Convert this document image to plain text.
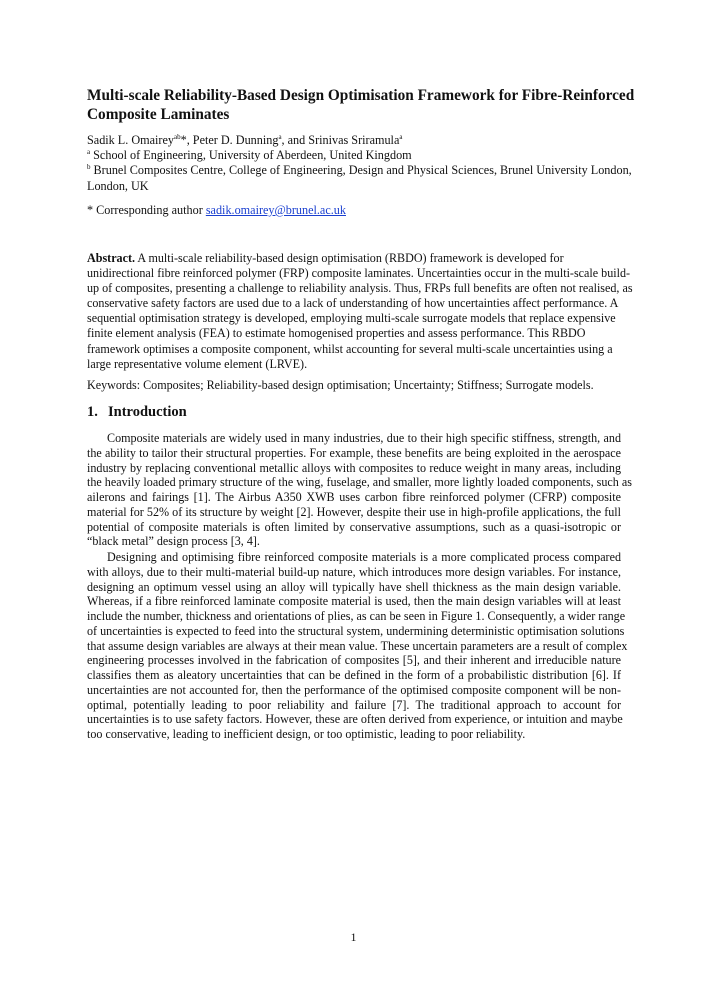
Multi-scale Reliability-Based Design Optimisation Framework for Fibre-Reinforced
Composite Laminates
Sadik L. Omairey$^{ab}$*, Peter D. Dunning$^a$, and Srinivas Sriramula$^a$
$^a$ School of Engineering, University of Aberdeen, United Kingdom
$^b$ Brunel Composites Centre, College of Engineering, Design and Physical Sciences, Brunel University London,
London, UK
* Corresponding author sadik.omairey@brunel.ac.uk
Abstract. A multi-scale reliability-based design optimisation (RBDO) framework is developed for
unidirectional fibre reinforced polymer (FRP) composite laminates. Uncertainties occur in the multi-scale build-
up of composites, presenting a challenge to reliability analysis. Thus, FRPs full benefits are often not realised, as
conservative safety factors are used due to a lack of understanding of how uncertainties affect performance. A
sequential optimisation strategy is developed, employing multi-scale surrogate models that replace expensive
finite element analysis (FEA) to estimate homogenised properties and assess performance. This RBDO
framework optimises a composite component, whilst accounting for several multi-scale uncertainties using a
large representative volume element (LRVE).
Keywords: Composites; Reliability-based design optimisation; Uncertainty; Stiffness; Surrogate models.
1. Introduction
Composite materials are widely used in many industries, due to their high specific stiffness, strength, and
the ability to tailor their structural properties. For example, these benefits are being exploited in the aerospace
industry by replacing conventional metallic alloys with composites to reduce weight in many areas, including
the heavily loaded primary structure of the wing, fuselage, and smaller, more lightly loaded components, such as
ailerons and fairings [1]. The Airbus A350 XWB uses carbon fibre reinforced polymer (CFRP) composite
material for 52% of its structure by weight [2]. However, despite their use in high-profile applications, the full
potential of composite materials is often limited by conservative assumptions, such as a quasi-isotropic or
“black metal” design process [3, 4].
Designing and optimising fibre reinforced composite materials is a more complicated process compared
with alloys, due to their multi-material build-up nature, which introduces more design variables. For instance,
designing an optimum vessel using an alloy will typically have shell thickness as the main design variable.
Whereas, if a fibre reinforced laminate composite material is used, then the main design variables will at least
include the number, thickness and orientations of plies, as can be seen in Figure 1. Consequently, a wider range
of uncertainties is expected to feed into the structural system, undermining deterministic optimisation solutions
that assume design variables are always at their mean value. These uncertain parameters are a result of complex
engineering processes involved in the fabrication of composites [5], and their inherent and irreducible nature
classifies them as aleatory uncertainties that can be defined in the form of a probabilistic distribution [6]. If
uncertainties are not accounted for, then the performance of the optimised composite component will be non-
optimal, potentially leading to poor reliability and failure [7]. The traditional approach to account for
uncertainties is to use safety factors. However, these are often derived from experience, or intuition and maybe
too conservative, leading to inefficient design, or too optimistic, leading to poor reliability.
1
